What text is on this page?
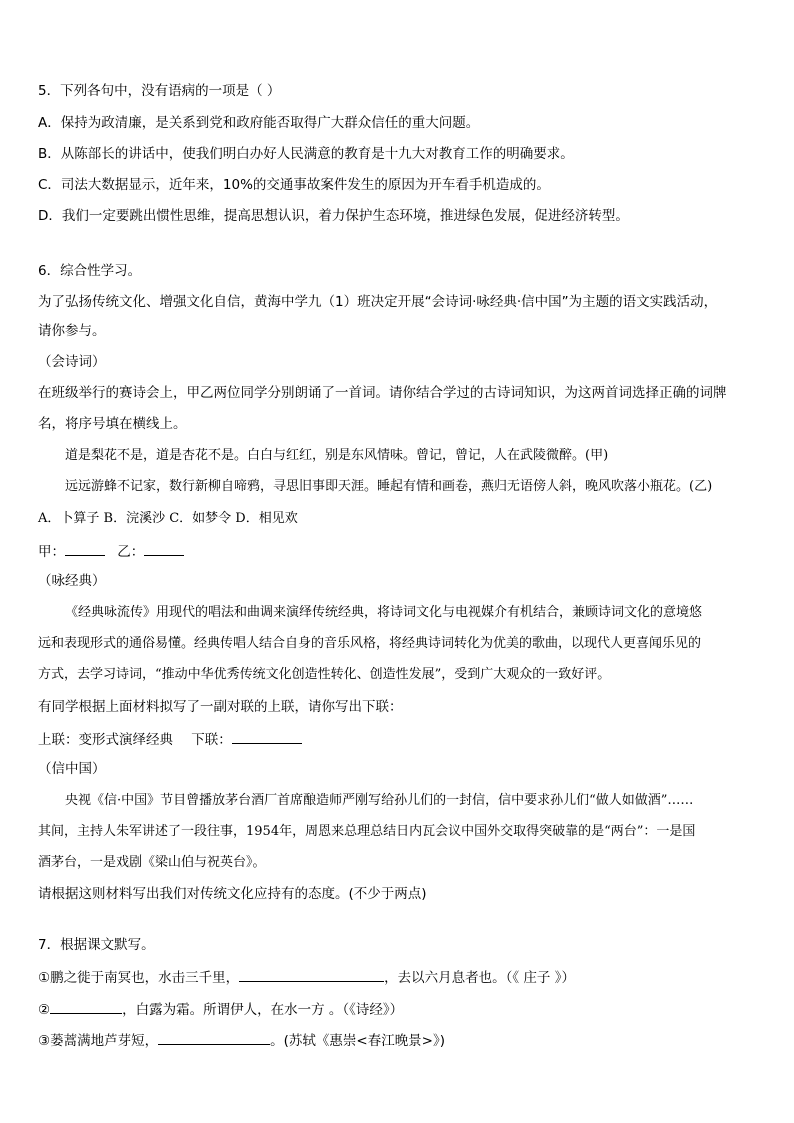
5．下列各句中，没有语病的一项是（ ）
A．保持为政清廉，是关系到党和政府能否取得广大群众信任的重大问题。
B．从陈部长的讲话中，使我们明白办好人民满意的教育是十九大对教育工作的明确要求。
C．司法大数据显示，近年来，10%的交通事故案件发生的原因为开车看手机造成的。
D．我们一定要跳出惯性思维，提高思想认识，着力保护生态环境，推进绿色发展，促进经济转型。
6．综合性学习。
为了弘扬传统文化、增强文化自信，黄海中学九（1）班决定开展“会诗词·咏经典·信中国”为主题的语文实践活动，
请你参与。
（会诗词）
在班级举行的赛诗会上，甲乙两位同学分别朗诵了一首词。请你结合学过的古诗词知识，为这两首词选择正确的词牌
名，将序号填在横线上。
道是梨花不是，道是杏花不是。白白与红红，别是东风情味。曾记，曾记，人在武陵微醉。(甲)
远远游蜂不记家，数行新柳自啼鸦，寻思旧事即天涯。睡起有情和画卷，燕归无语傍人斜，晚风吹落小瓶花。(乙)
A．卜算子 B．浣溪沙 C．如梦令 D．相见欢
甲：	乙：
（咏经典）
《经典咏流传》用现代的唱法和曲调来演绎传统经典，将诗词文化与电视媒介有机结合，兼顾诗词文化的意境悠
远和表现形式的通俗易懂。经典传唱人结合自身的音乐风格，将经典诗词转化为优美的歌曲，以现代人更喜闻乐见的
方式，去学习诗词，“推动中华优秀传统文化创造性转化、创造性发展”，受到广大观众的一致好评。
有同学根据上面材料拟写了一副对联的上联，请你写出下联：
上联：变形式演绎经典 下联：
（信中国）
央视《信·中国》节目曾播放茅台酒厂首席酿造师严刚写给孙儿们的一封信，信中要求孙儿们“做人如做酒”……
其间，主持人朱军讲述了一段往事，1954年，周恩来总理总结日内瓦会议中国外交取得突破靠的是“两台”：一是国
酒茅台，一是戏剧《梁山伯与祝英台》。
请根据这则材料写出我们对传统文化应持有的态度。(不少于两点)
7．根据课文默写。
①鹏之徙于南冥也，水击三千里，	，去以六月息者也。（《 庄子 》）
②	，白露为霜。所谓伊人，在水一方 。（《诗经》）
③蒌蒿满地芦芽短，	。(苏轼《惠崇<春江晚景>》)
